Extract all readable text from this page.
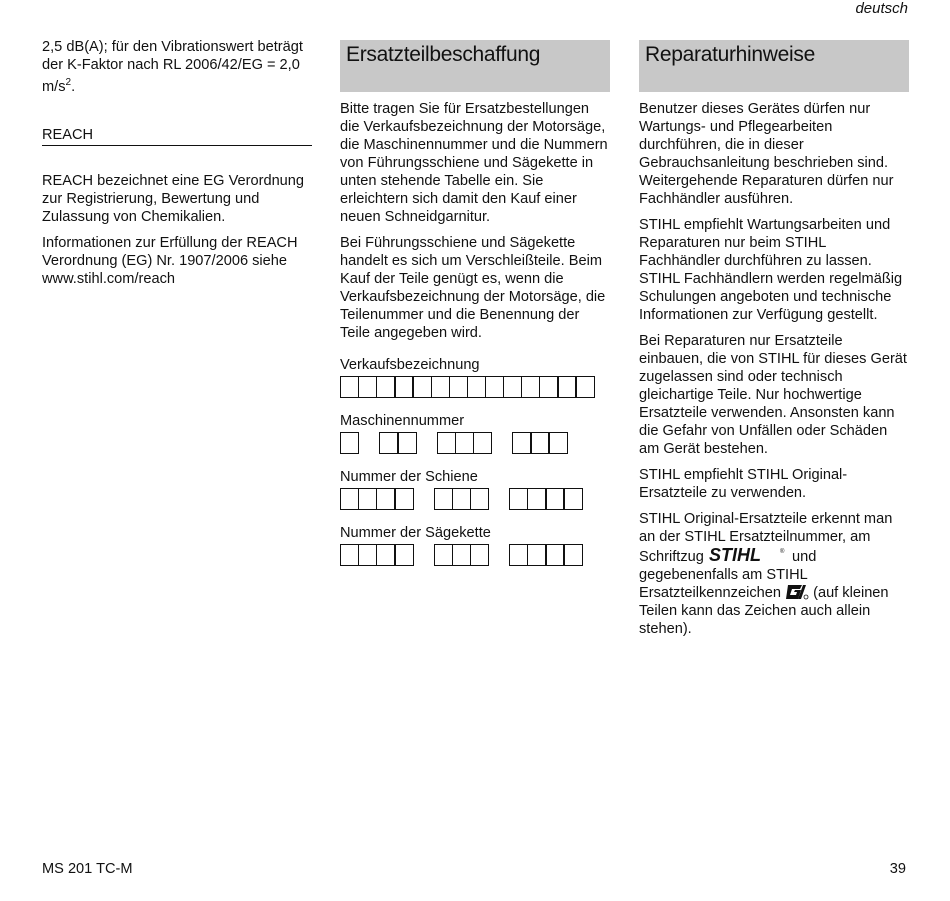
deutsch

2,5 dB(A); für den Vibrationswert beträgt der K-Faktor nach RL 2006/42/EG = 2,0 $m/s^2$.

REACH

REACH bezeichnet eine EG Verordnung zur Registrierung, Bewertung und Zulassung von Chemikalien.

Informationen zur Erfüllung der REACH Verordnung (EG) Nr. 1907/2006 siehe www.stihl.com/reach

Ersatzteilbeschaffung

Bitte tragen Sie für Ersatzbestellungen die Verkaufsbezeichnung der Motorsäge, die Maschinennummer und die Nummern von Führungsschiene und Sägekette in unten stehende Tabelle ein. Sie erleichtern sich damit den Kauf einer neuen Schneidgarnitur.

Bei Führungsschiene und Sägekette handelt es sich um Verschleißteile. Beim Kauf der Teile genügt es, wenn die Verkaufsbezeichnung der Motorsäge, die Teilenummer und die Benennung der Teile angegeben wird.

Verkaufsbezeichnung
Maschinennummer
Nummer der Schiene
Nummer der Sägekette
Reparaturhinweise

Benutzer dieses Gerätes dürfen nur Wartungs- und Pflegearbeiten durchführen, die in dieser Gebrauchsanleitung beschrieben sind. Weitergehende Reparaturen dürfen nur Fachhändler ausführen.

STIHL empfiehlt Wartungsarbeiten und Reparaturen nur beim STIHL Fachhändler durchführen zu lassen. STIHL Fachhändlern werden regelmäßig Schulungen angeboten und technische Informationen zur Verfügung gestellt.

Bei Reparaturen nur Ersatzteile einbauen, die von STIHL für dieses Gerät zugelassen sind oder technisch gleichartige Teile. Nur hochwertige Ersatzteile verwenden. Ansonsten kann die Gefahr von Unfällen oder Schäden am Gerät bestehen.

STIHL empfiehlt STIHL Original-Ersatzteile zu verwenden.

STIHL Original-Ersatzteile erkennt man an der STIHL Ersatzteilnummer, am Schriftzug STIHL	® und gegebenenfalls am STIHL Ersatzteilkennzeichen (auf kleinen Teilen kann das Zeichen auch allein stehen).

MS 201 TC-M	39
